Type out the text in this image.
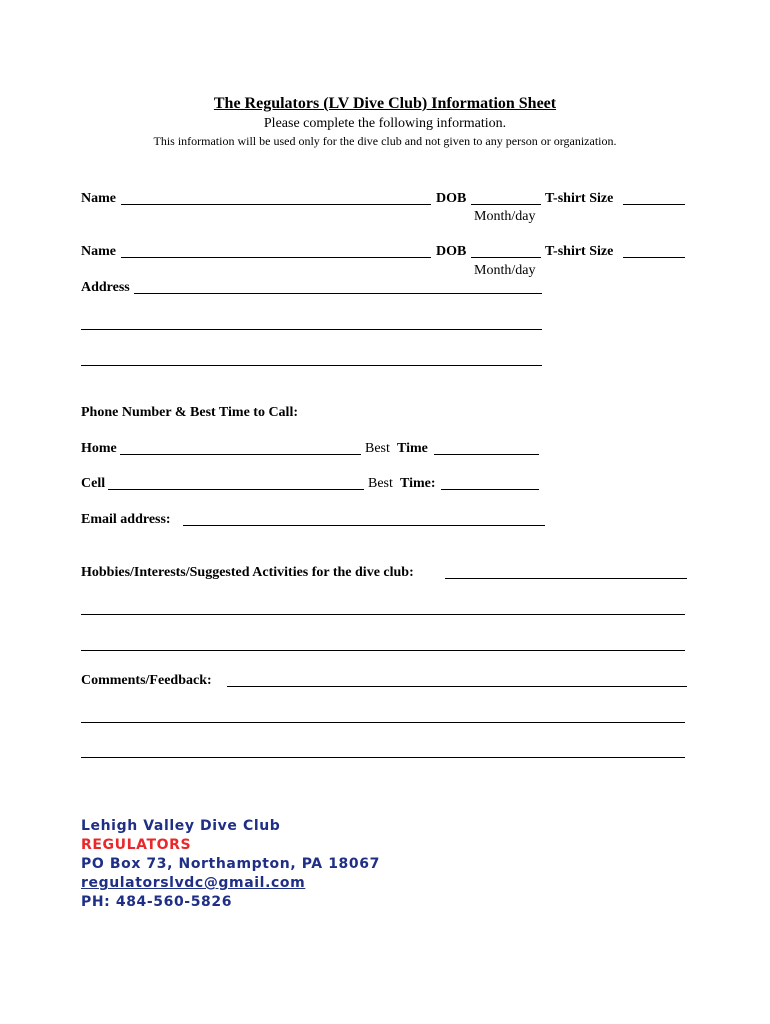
The Regulators (LV Dive Club) Information Sheet
Please complete the following information.
This information will be used only for the dive club and not given to any person or organization.
Name	DOB	T-shirt Size
Month/day
Name	DOB	T-shirt Size
Month/day
Address
Phone Number & Best Time to Call:
Home	Best Time
Cell	Best Time:
Email address:
Hobbies/Interests/Suggested Activities for the dive club:
Comments/Feedback:
Lehigh Valley Dive Club
REGULATORS
PO Box 73, Northampton, PA 18067
regulatorslvdc@gmail.com
PH: 484-560-5826
